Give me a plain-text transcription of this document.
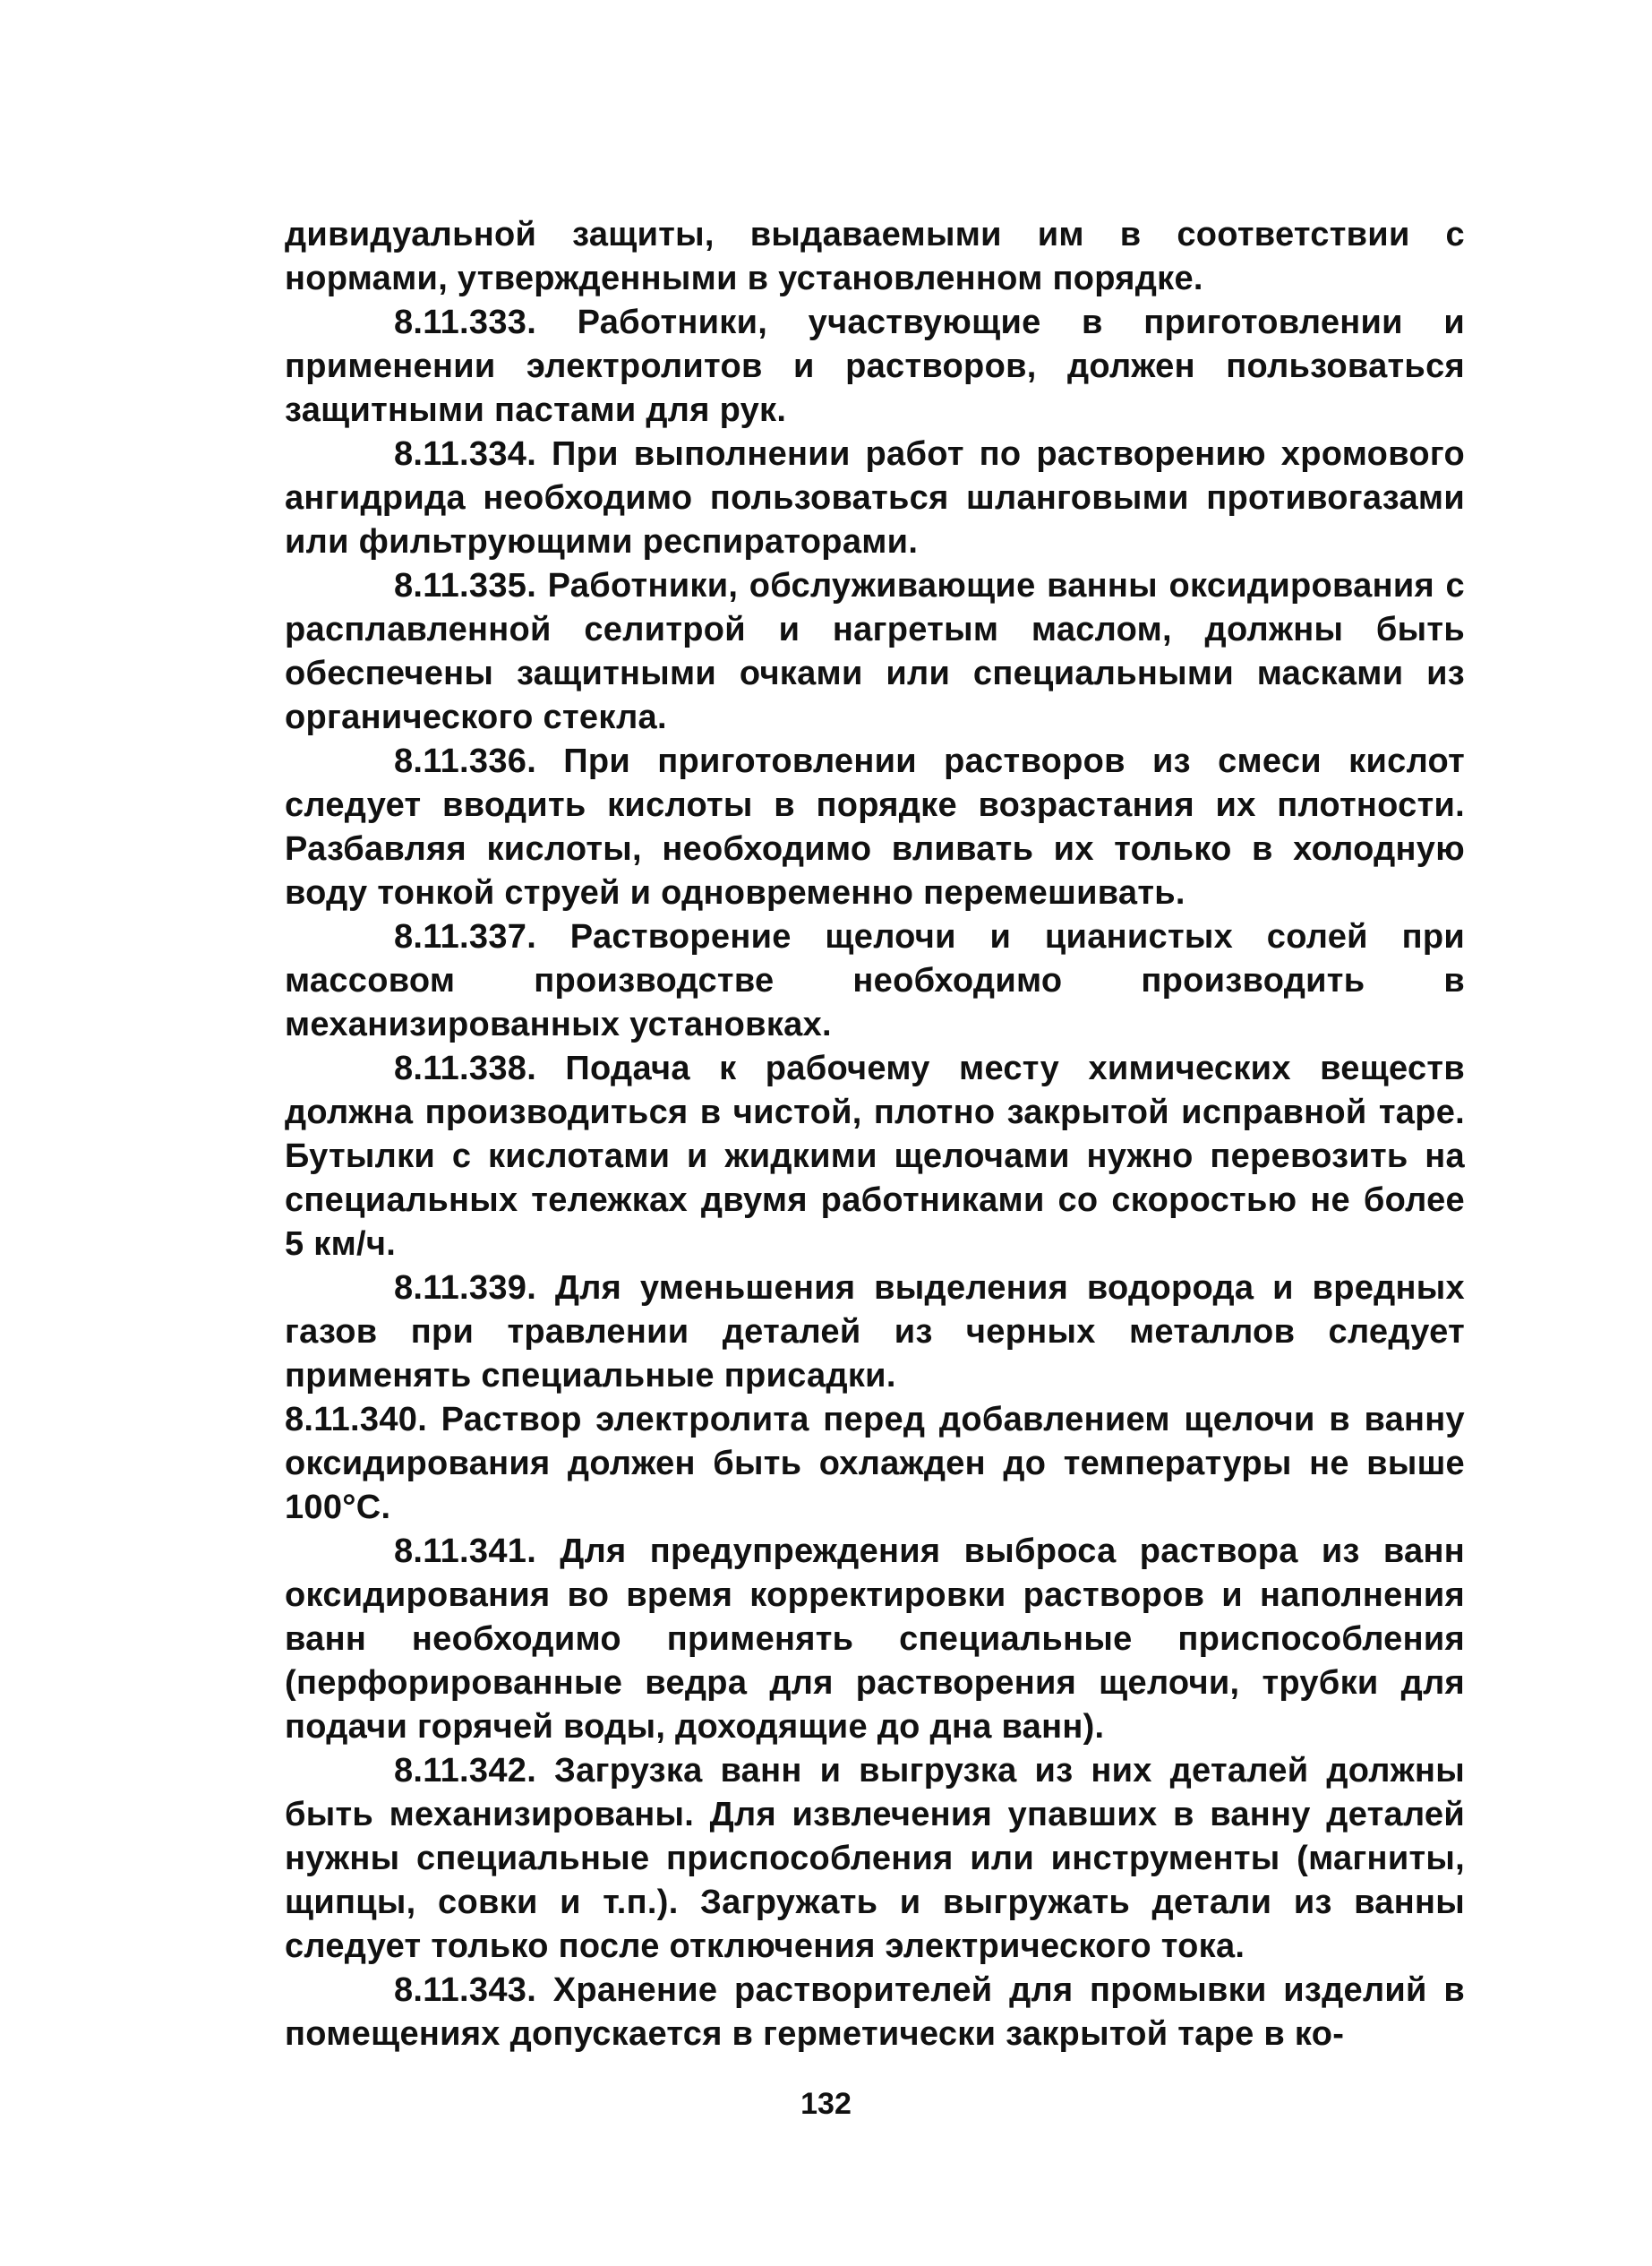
дивидуальной защиты, выдаваемыми им в соответствии с нормами, утвержденными в установленном порядке.

8.11.333. Работники, участвующие в приготовлении и применении электролитов и растворов, должен пользоваться защитными пастами для рук.

8.11.334. При выполнении работ по растворению хромового ангидрида необходимо пользоваться шланговыми противогазами или фильтрующими респираторами.

8.11.335. Работники, обслуживающие ванны оксидирования с расплавленной селитрой и нагретым маслом, должны быть обеспечены защитными очками или специальными масками из органического стекла.

8.11.336. При приготовлении растворов из смеси кислот следует вводить кислоты в порядке возрастания их плотности. Разбавляя кислоты, необходимо вливать их только в холодную воду тонкой струей и одновременно перемешивать.

8.11.337. Растворение щелочи и цианистых солей при массовом производстве необходимо производить в механизированных установках.

8.11.338. Подача к рабочему месту химических веществ должна производиться в чистой, плотно закрытой исправной таре. Бутылки с кислотами и жидкими щелочами нужно перевозить на специальных тележках двумя работниками со скоростью не более 5 км/ч.

8.11.339. Для уменьшения выделения водорода и вредных газов при травлении деталей из черных металлов следует применять специальные присадки.

8.11.340. Раствор электролита перед добавлением щелочи в ванну оксидирования должен быть охлажден до температуры не выше 100°С.

8.11.341. Для предупреждения выброса раствора из ванн оксидирования во время корректировки растворов и наполнения ванн необходимо применять специальные приспособления (перфорированные ведра для растворения щелочи, трубки для подачи горячей воды, доходящие до дна ванн).

8.11.342. Загрузка ванн и выгрузка из них деталей должны быть механизированы. Для извлечения упавших в ванну деталей нужны специальные приспособления или инструменты (магниты, щипцы, совки и т.п.). Загружать и выгружать детали из ванны следует только после отключения электрического тока.

8.11.343. Хранение растворителей для промывки изделий в помещениях допускается в герметически закрытой таре в ко-

132
